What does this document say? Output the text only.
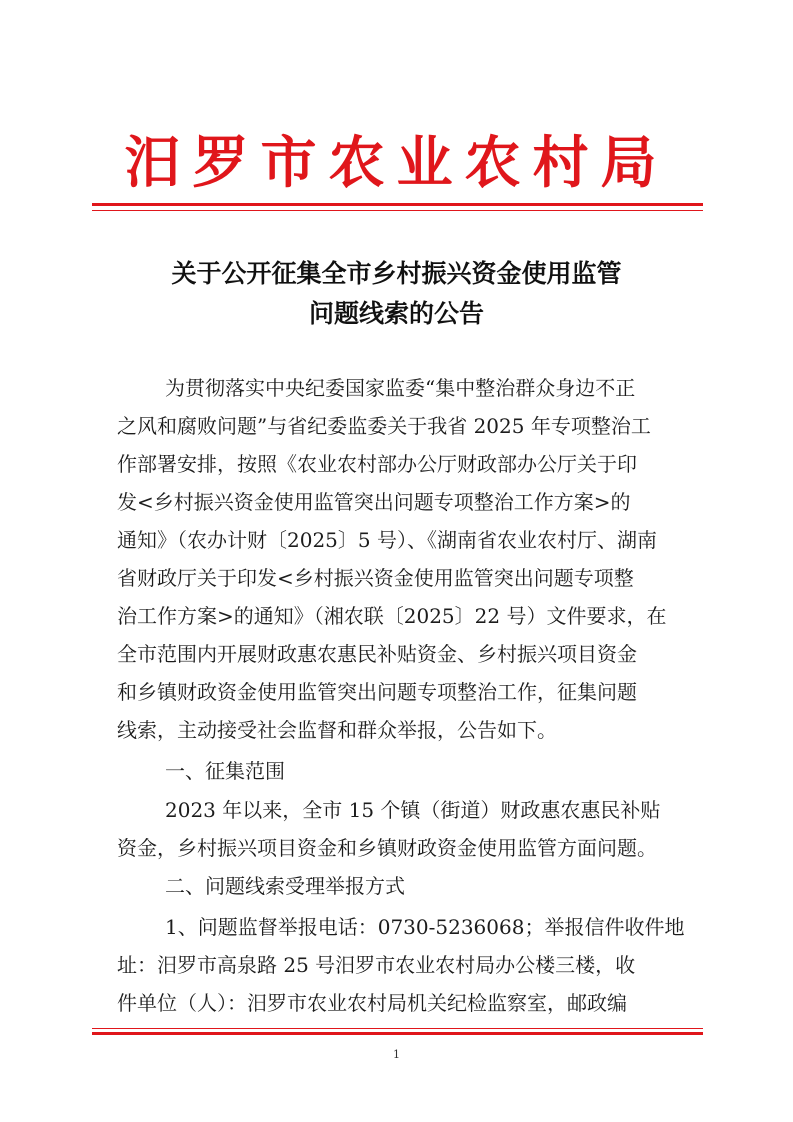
汨罗市农业农村局
关于公开征集全市乡村振兴资金使用监管
问题线索的公告
为贯彻落实中央纪委国家监委“集中整治群众身边不正
之风和腐败问题”与省纪委监委关于我省 2025 年专项整治工
作部署安排，按照《农业农村部办公厅财政部办公厅关于印
发<乡村振兴资金使用监管突出问题专项整治工作方案>的
通知》（农办计财〔2025〕5 号）、《湖南省农业农村厅、湖南
省财政厅关于印发<乡村振兴资金使用监管突出问题专项整
治工作方案>的通知》（湘农联〔2025〕22 号）文件要求，在
全市范围内开展财政惠农惠民补贴资金、乡村振兴项目资金
和乡镇财政资金使用监管突出问题专项整治工作，征集问题
线索，主动接受社会监督和群众举报，公告如下。
一、征集范围
2023 年以来，全市 15 个镇（街道）财政惠农惠民补贴
资金，乡村振兴项目资金和乡镇财政资金使用监管方面问题。
二、问题线索受理举报方式
1、问题监督举报电话：0730-5236068；举报信件收件地
址：汨罗市高泉路 25 号汨罗市农业农村局办公楼三楼，收
件单位（人）：汨罗市农业农村局机关纪检监察室，邮政编
1
